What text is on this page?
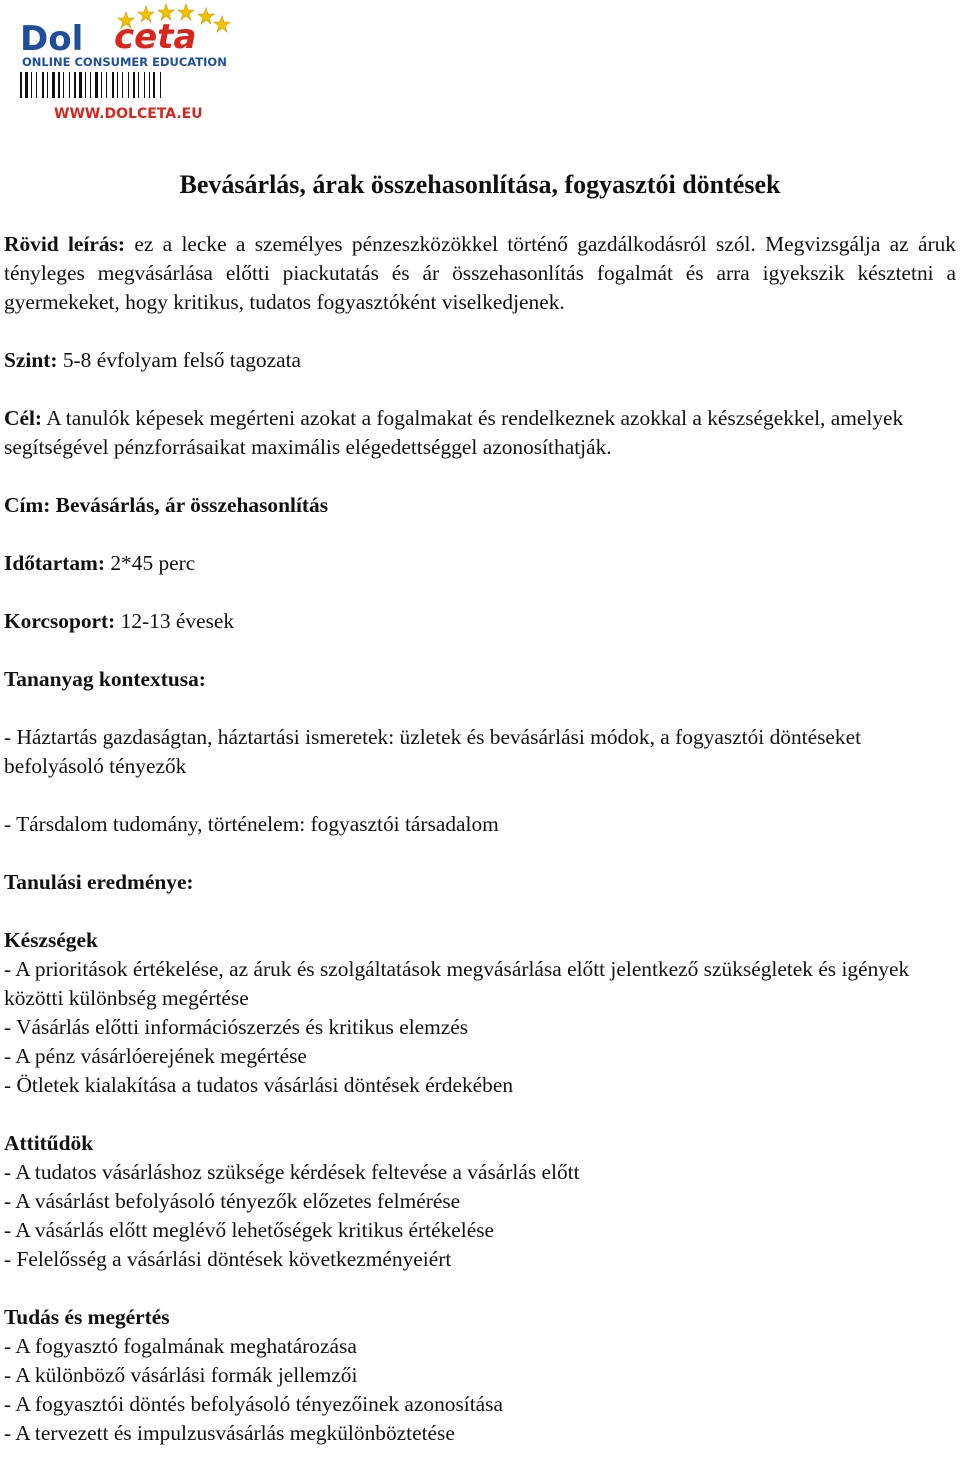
Dol ceta
ONLINE CONSUMER EDUCATION
WWW.DOLCETA.EU
Bevásárlás, árak összehasonlítása, fogyasztói döntések

Rövid leírás: ez a lecke a személyes pénzeszközökkel történő gazdálkodásról szól. Megvizsgálja az áruk tényleges megvásárlása előtti piackutatás és ár összehasonlítás fogalmát és arra igyekszik késztetni a gyermekeket, hogy kritikus, tudatos fogyasztóként viselkedjenek.

Szint: 5-8 évfolyam felső tagozata

Cél: A tanulók képesek megérteni azokat a fogalmakat és rendelkeznek azokkal a készségekkel, amelyek segítségével pénzforrásaikat maximális elégedettséggel azonosíthatják.

Cím: Bevásárlás, ár összehasonlítás

Időtartam: 2*45 perc

Korcsoport: 12-13 évesek

Tananyag kontextusa:

- Háztartás gazdaságtan, háztartási ismeretek: üzletek és bevásárlási módok, a fogyasztói döntéseket befolyásoló tényezők

- Társdalom tudomány, történelem: fogyasztói társadalom

Tanulási eredménye:

Készségek
- A prioritások értékelése, az áruk és szolgáltatások megvásárlása előtt jelentkező szükségletek és igények közötti különbség megértése
- Vásárlás előtti információszerzés és kritikus elemzés
- A pénz vásárlóerejének megértése
- Ötletek kialakítása a tudatos vásárlási döntések érdekében
Attitűdök
- A tudatos vásárláshoz szüksége kérdések feltevése a vásárlás előtt
- A vásárlást befolyásoló tényezők előzetes felmérése
- A vásárlás előtt meglévő lehetőségek kritikus értékelése
- Felelősség a vásárlási döntések következményeiért
Tudás és megértés
- A fogyasztó fogalmának meghatározása
- A különböző vásárlási formák jellemzői
- A fogyasztói döntés befolyásoló tényezőinek azonosítása
- A tervezett és impulzusvásárlás megkülönböztetése
